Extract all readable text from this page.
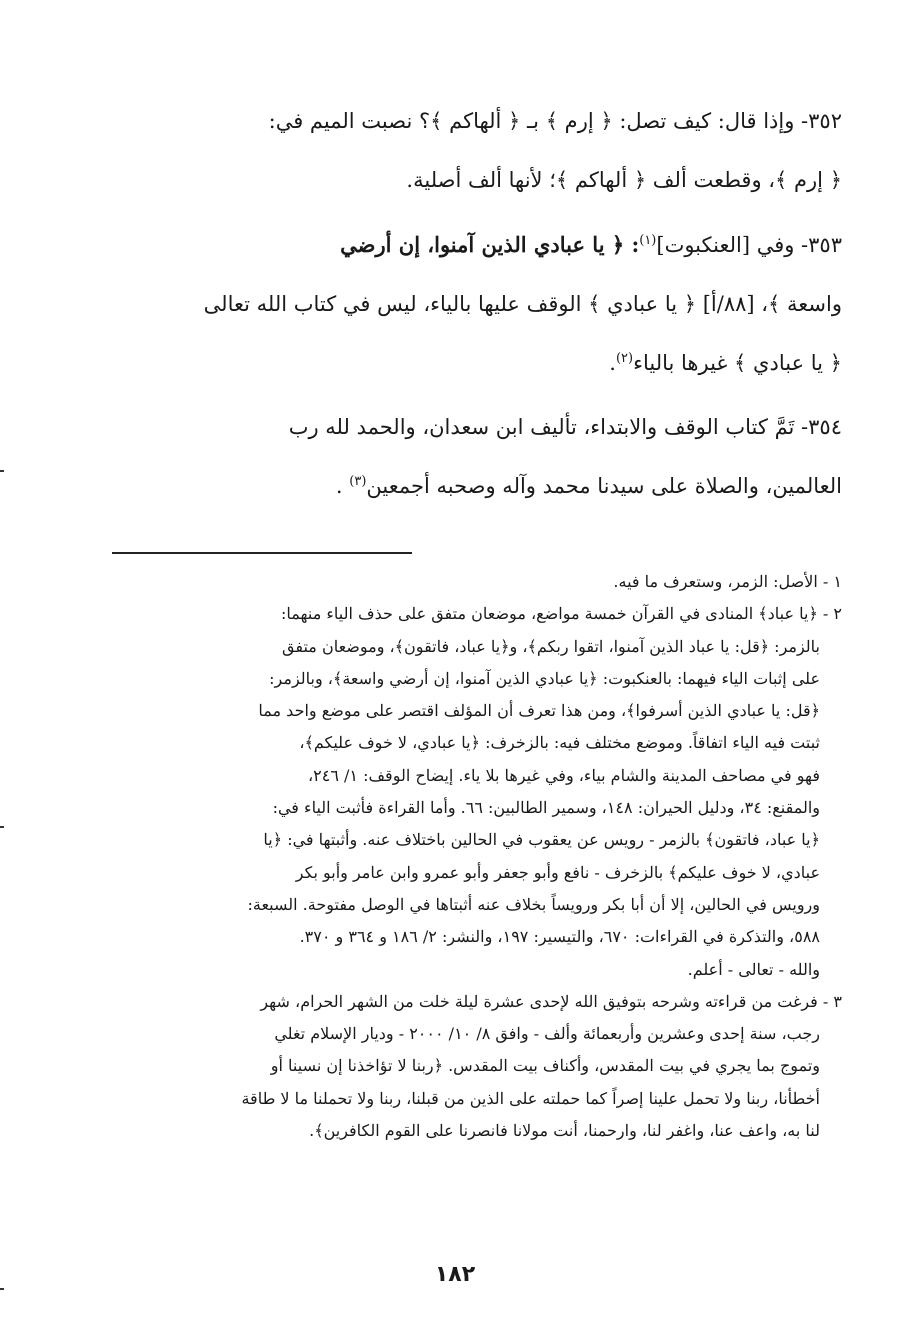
٣٥٢- وإذا قال: كيف تصل: ﴿ إرم ﴾ بـ ﴿ ألهاكم ﴾؟ نصبت الميم في:
﴿ إرم ﴾، وقطعت ألف ﴿ ألهاكم ﴾؛ لأنها ألف أصلية.

٣٥٣- وفي [العنكبوت]$^{(١)}$: ﴿ يا عبادي الذين آمنوا، إن أرضي
واسعة ﴾، [٨٨/أ] ﴿ يا عبادي ﴾ الوقف عليها بالياء، ليس في كتاب الله تعالى
﴿ يا عبادي ﴾ غيرها بالياء$^{(٢)}$.

٣٥٤- تَمَّ كتاب الوقف والابتداء، تأليف ابن سعدان، والحمد لله رب
العالمين، والصلاة على سيدنا محمد وآله وصحبه أجمعين$^{(٣)}$ .

١ - الأصل: الزمر، وستعرف ما فيه.

٢ - ﴿يا عباد﴾ المنادى في القرآن خمسة مواضع، موضعان متفق على حذف الياء منهما:

بالزمر: ﴿قل: يا عباد الذين آمنوا، اتقوا ربكم﴾، و﴿يا عباد، فاتقون﴾، وموضعان متفق

على إثبات الياء فيهما: بالعنكبوت: ﴿يا عبادي الذين آمنوا، إن أرضي واسعة﴾، وبالزمر:

﴿قل: يا عبادي الذين أسرفوا﴾، ومن هذا تعرف أن المؤلف اقتصر على موضع واحد مما

ثبتت فيه الياء اتفاقاً. وموضع مختلف فيه: بالزخرف: ﴿يا عبادي، لا خوف عليكم﴾،

فهو في مصاحف المدينة والشام بياء، وفي غيرها بلا ياء. إيضاح الوقف: ١/ ٢٤٦،

والمقنع: ٣٤، ودليل الحيران: ١٤٨، وسمير الطالبين: ٦٦. وأما القراءة فأثبت الياء في:

﴿يا عباد، فاتقون﴾ بالزمر - رويس عن يعقوب في الحالين باختلاف عنه. وأثبتها في: ﴿يا

عبادي، لا خوف عليكم﴾ بالزخرف - نافع وأبو جعفر وأبو عمرو وابن عامر وأبو بكر

ورويس في الحالين، إلا أن أبا بكر ورويساً بخلاف عنه أثبتاها في الوصل مفتوحة. السبعة:

٥٨٨، والتذكرة في القراءات: ٦٧٠، والتيسير: ١٩٧، والنشر: ٢/ ١٨٦ و ٣٦٤ و ٣٧٠.

والله - تعالى - أعلم.

٣ - فرغت من قراءته وشرحه بتوفيق الله لإحدى عشرة ليلة خلت من الشهر الحرام، شهر

رجب، سنة إحدى وعشرين وأربعمائة وألف - وافق ٨/ ١٠/ ٢٠٠٠ - وديار الإسلام تغلي

وتموج بما يجري في بيت المقدس، وأكناف بيت المقدس. ﴿ربنا لا تؤاخذنا إن نسينا أو

أخطأنا، ربنا ولا تحمل علينا إصراً كما حملته على الذين من قبلنا، ربنا ولا تحملنا ما لا طاقة

لنا به، واعف عنا، واغفر لنا، وارحمنا، أنت مولانا فانصرنا على القوم الكافرين﴾.

١٨٢
